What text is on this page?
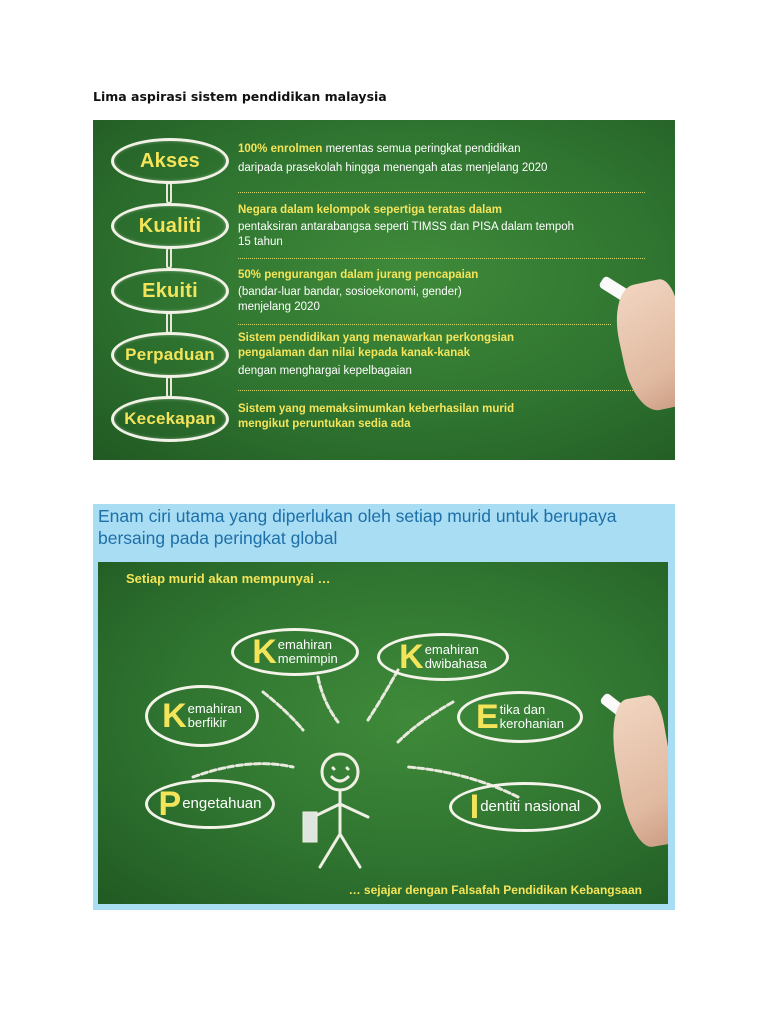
Lima aspirasi sistem pendidikan malaysia
Akses
Kualiti
Ekuiti
Perpaduan
Kecekapan
100% enrolmen merentas semua peringkat pendidikan
daripada prasekolah hingga menengah atas menjelang 2020
Negara dalam kelompok sepertiga teratas dalam
pentaksiran antarabangsa seperti TIMSS dan PISA dalam tempoh
15 tahun
50% pengurangan dalam jurang pencapaian
(bandar-luar bandar, sosioekonomi, gender)
menjelang 2020
Sistem pendidikan yang menawarkan perkongsian
pengalaman dan nilai kepada kanak-kanak
dengan menghargai kepelbagaian
Sistem yang memaksimumkan keberhasilan murid
mengikut peruntukan sedia ada
Enam ciri utama yang diperlukan oleh setiap murid untuk berupaya bersaing pada peringkat global
Setiap murid akan mempunyai …
K emahiran
memimpin K emahiran
dwibahasa
K emahiran
berfikir	E tika dan
kerohanian
P engetahuan	I dentiti nasional
… sejajar dengan Falsafah Pendidikan Kebangsaan
